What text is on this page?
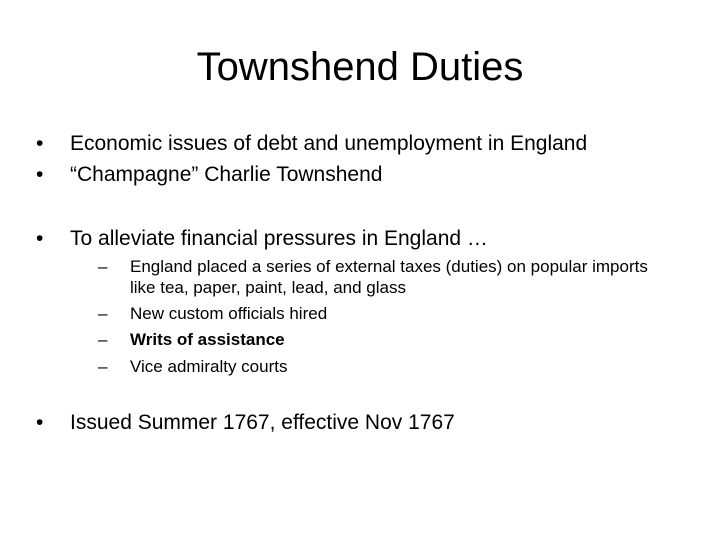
Townshend Duties
•	Economic issues of debt and unemployment in England
•	“Champagne” Charlie Townshend
•	To alleviate financial pressures in England …
–	England placed a series of external taxes (duties) on popular imports like tea, paper, paint, lead, and glass
–	New custom officials hired
–	Writs of assistance
–	Vice admiralty courts
•	Issued Summer 1767, effective Nov 1767
